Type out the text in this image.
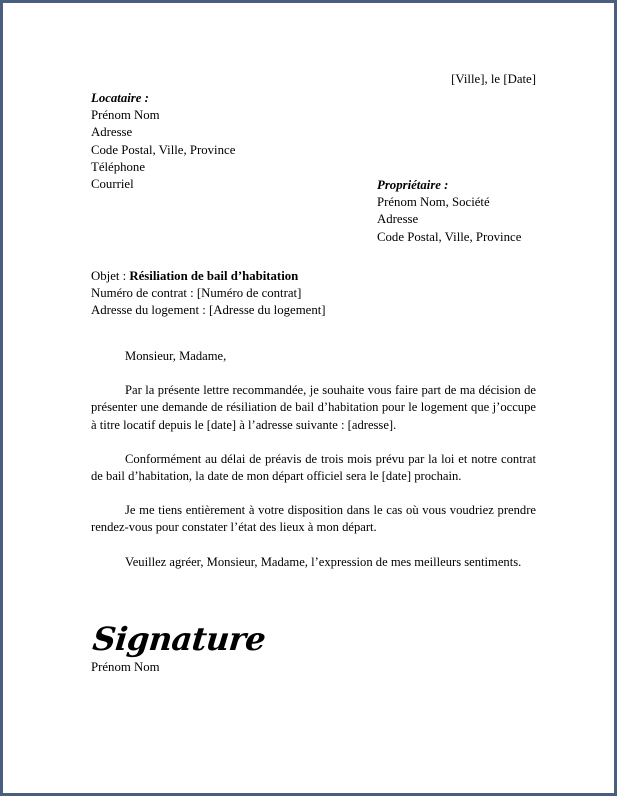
[Ville], le [Date]
Locataire :
Prénom Nom
Adresse
Code Postal, Ville, Province
Téléphone
Courriel	Propriétaire :
Prénom Nom, Société
Adresse
Code Postal, Ville, Province
Objet : Résiliation de bail d’habitation
Numéro de contrat : [Numéro de contrat]
Adresse du logement : [Adresse du logement]

Monsieur, Madame,

Par la présente lettre recommandée, je souhaite vous faire part de ma décision de présenter une demande de résiliation de bail d’habitation pour le logement que j’occupe à titre locatif depuis le [date] à l’adresse suivante : [adresse].

Conformément au délai de préavis de trois mois prévu par la loi et notre contrat de bail d’habitation, la date de mon départ officiel sera le [date] prochain.

Je me tiens entièrement à votre disposition dans le cas où vous voudriez prendre rendez-vous pour constater l’état des lieux à mon départ.

Veuillez agréer, Monsieur, Madame, l’expression de mes meilleurs sentiments.

Signature
Prénom Nom
